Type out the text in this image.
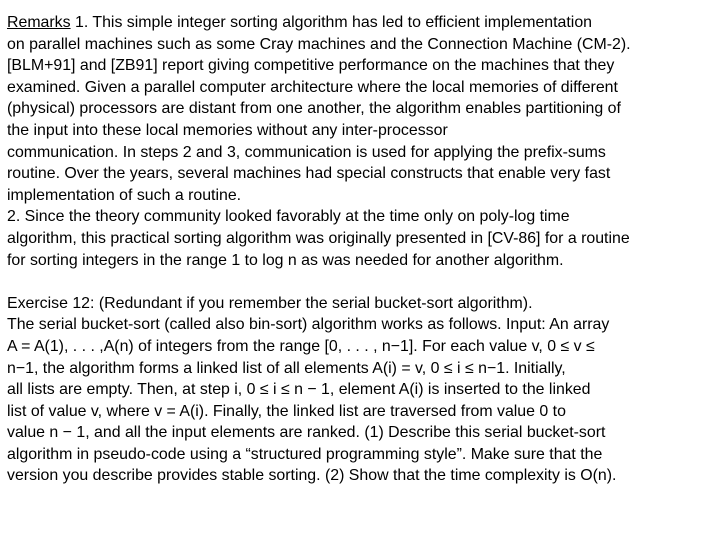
Remarks 1. This simple integer sorting algorithm has led to efficient implementation
on parallel machines such as some Cray machines and the Connection Machine (CM-2).
[BLM+91] and [ZB91] report giving competitive performance on the machines that they
examined. Given a parallel computer architecture where the local memories of different
(physical) processors are distant from one another, the algorithm enables partitioning of
the input into these local memories without any inter-processor
communication. In steps 2 and 3, communication is used for applying the prefix-sums
routine. Over the years, several machines had special constructs that enable very fast
implementation of such a routine.
2. Since the theory community looked favorably at the time only on poly-log time
algorithm, this practical sorting algorithm was originally presented in [CV-86] for a routine
for sorting integers in the range 1 to log n as was needed for another algorithm.
Exercise 12: (Redundant if you remember the serial bucket-sort algorithm).
The serial bucket-sort (called also bin-sort) algorithm works as follows. Input: An array
A = A(1), . . . ,A(n) of integers from the range [0, . . . , n−1]. For each value v, 0 ≤ v ≤
n−1, the algorithm forms a linked list of all elements A(i) = v, 0 ≤ i ≤ n−1. Initially,
all lists are empty. Then, at step i, 0 ≤ i ≤ n − 1, element A(i) is inserted to the linked
list of value v, where v = A(i). Finally, the linked list are traversed from value 0 to
value n − 1, and all the input elements are ranked. (1) Describe this serial bucket-sort
algorithm in pseudo-code using a “structured programming style”. Make sure that the
version you describe provides stable sorting. (2) Show that the time complexity is O(n).
